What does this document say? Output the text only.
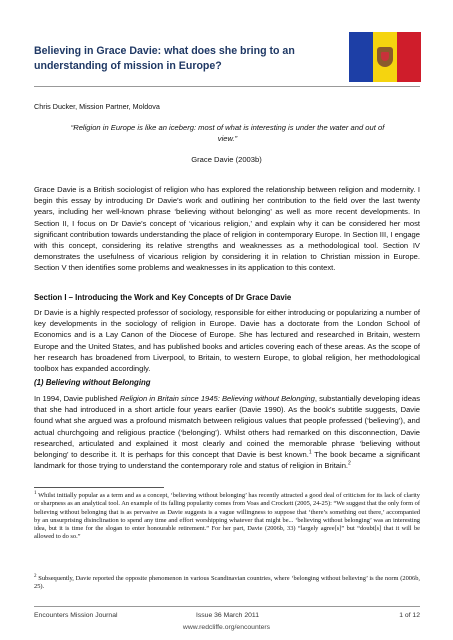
Believing in Grace Davie: what does she bring to an understanding of mission in Europe?
Chris Ducker, Mission Partner, Moldova
“Religion in Europe is like an iceberg: most of what is interesting is under the water and out of view.”
Grace Davie (2003b)
Grace Davie is a British sociologist of religion who has explored the relationship between religion and modernity. I begin this essay by introducing Dr Davie’s work and outlining her contribution to the field over the last twenty years, including her well-known phrase ‘believing without belonging’ as well as more recent developments. In Section II, I focus on Dr Davie’s concept of ‘vicarious religion,’ and explain why it can be considered her most significant contribution towards understanding the place of religion in contemporary Europe. In Section III, I engage with this concept, considering its relative strengths and weaknesses as a methodological tool. Section IV demonstrates the usefulness of vicarious religion by considering it in relation to Christian mission in Europe. Section V then identifies some problems and weaknesses in its application to this context.
Section I – Introducing the Work and Key Concepts of Dr Grace Davie
Dr Davie is a highly respected professor of sociology, responsible for either introducing or popularizing a number of key developments in the sociology of religion in Europe. Davie has a doctorate from the London School of Economics and is a Lay Canon of the Diocese of Europe. She has lectured and researched in Britain, western Europe and the United States, and has published books and articles covering each of these areas. As the scope of her research has broadened from Liverpool, to Britain, to western Europe, to global religion, her methodological toolbox has expanded accordingly.
(1) Believing without Belonging
In 1994, Davie published Religion in Britain since 1945: Believing without Belonging, substantially developing ideas that she had introduced in a short article four years earlier (Davie 1990). As the book’s subtitle suggests, Davie found what she argued was a profound mismatch between religious values that people professed (‘believing’), and actual churchgoing and religious practice (‘belonging’). Whilst others had remarked on this disconnection, Davie researched, articulated and explained it most clearly and coined the memorable phrase ‘believing without belonging’ to describe it. It is perhaps for this concept that Davie is best known.$^1$ The book became a significant landmark for those trying to understand the contemporary role and status of religion in Britain.$^2$
$^1$ Whilst initially popular as a term and as a concept, ‘believing without belonging’ has recently attracted a good deal of criticism for its lack of clarity or sharpness as an analytical tool. An example of its falling popularity comes from Voas and Crockett (2005, 24-25): “We suggest that the only form of believing without belonging that is as pervasive as Davie suggests is a vague willingness to suppose that ‘there’s something out there,’ accompanied by an unsurprising disinclination to spend any time and effort worshipping whatever that might be... ‘believing without belonging’ was an interesting idea, but it is time for the slogan to enter honourable retirement.” For her part, Davie (2006b, 33) “largely agree[s]” but “doubt[s] that it will be allowed to do so.”
$^2$ Subsequently, Davie reported the opposite phenomenon in various Scandinavian countries, where ‘belonging without believing’ is the norm (2006b, 25).
Encounters Mission Journal	Issue 36 March 2011	1 of 12
www.redcliffe.org/encounters
